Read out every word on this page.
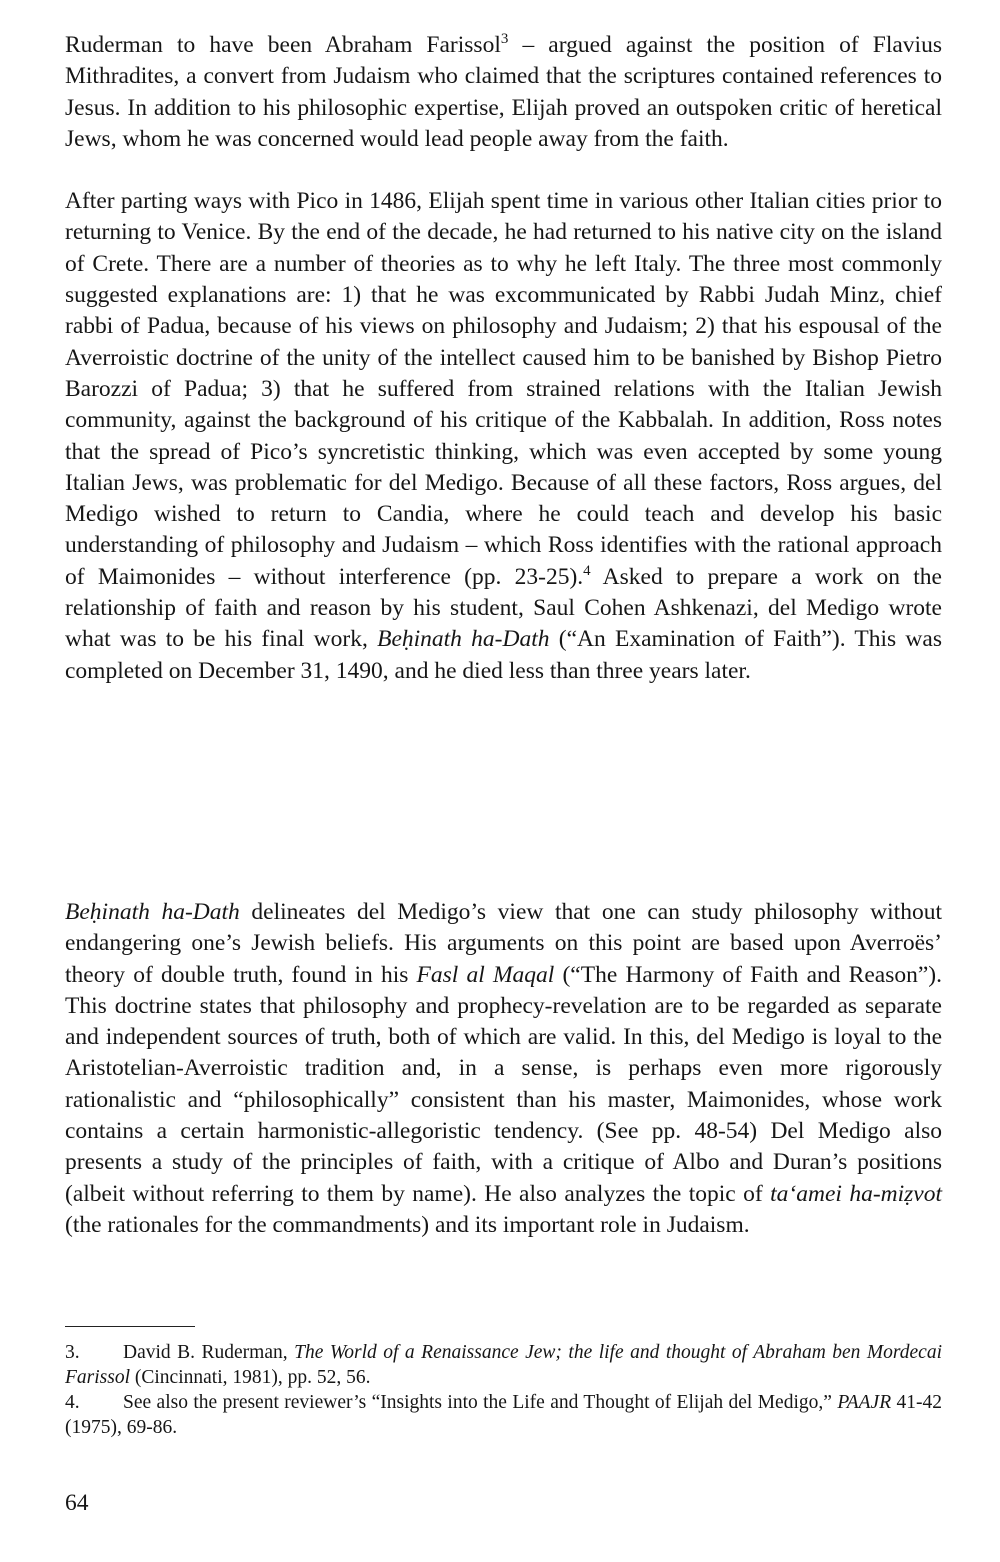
Ruderman to have been Abraham Farissol$^3$ – argued against the position of Flavius Mithradites, a convert from Judaism who claimed that the scriptures contained references to Jesus. In addition to his philosophic expertise, Elijah proved an outspoken critic of heretical Jews, whom he was concerned would lead people away from the faith.

After parting ways with Pico in 1486, Elijah spent time in various other Italian cities prior to returning to Venice. By the end of the decade, he had returned to his native city on the island of Crete. There are a number of theories as to why he left Italy. The three most commonly suggested explanations are: 1) that he was excommunicated by Rabbi Judah Minz, chief rabbi of Padua, because of his views on philosophy and Judaism; 2) that his espousal of the Averroistic doctrine of the unity of the intellect caused him to be banished by Bishop Pietro Barozzi of Padua; 3) that he suffered from strained relations with the Italian Jewish community, against the background of his critique of the Kabbalah. In addition, Ross notes that the spread of Pico’s syncretistic thinking, which was even accepted by some young Italian Jews, was problematic for del Medigo. Because of all these factors, Ross argues, del Medigo wished to return to Candia, where he could teach and develop his basic understanding of philosophy and Judaism – which Ross identifies with the rational approach of Maimonides – without interference (pp. 23-25).$^4$ Asked to prepare a work on the relationship of faith and reason by his student, Saul Cohen Ashkenazi, del Medigo wrote what was to be his final work, Beḥinath ha-Dath (“An Examination of Faith”). This was completed on December 31, 1490, and he died less than three years later.

Beḥinath ha-Dath delineates del Medigo’s view that one can study philosophy without endangering one’s Jewish beliefs. His arguments on this point are based upon Averroës’ theory of double truth, found in his Fasl al Maqal (“The Harmony of Faith and Reason”). This doctrine states that philosophy and prophecy-revelation are to be regarded as separate and independent sources of truth, both of which are valid. In this, del Medigo is loyal to the Aristotelian-Averroistic tradition and, in a sense, is perhaps even more rigorously rationalistic and “philosophically” consistent than his master, Maimonides, whose work contains a certain harmonistic-allegoristic tendency. (See pp. 48-54) Del Medigo also presents a study of the principles of faith, with a critique of Albo and Duran’s positions (albeit without referring to them by name). He also analyzes the topic of ta‘amei ha-miẓvot (the rationales for the commandments) and its important role in Judaism.

3. David B. Ruderman, The World of a Renaissance Jew; the life and thought of Abraham ben Mordecai Farissol (Cincinnati, 1981), pp. 52, 56.

4. See also the present reviewer’s “Insights into the Life and Thought of Elijah del Medigo,” PAAJR 41-42 (1975), 69-86.

64
